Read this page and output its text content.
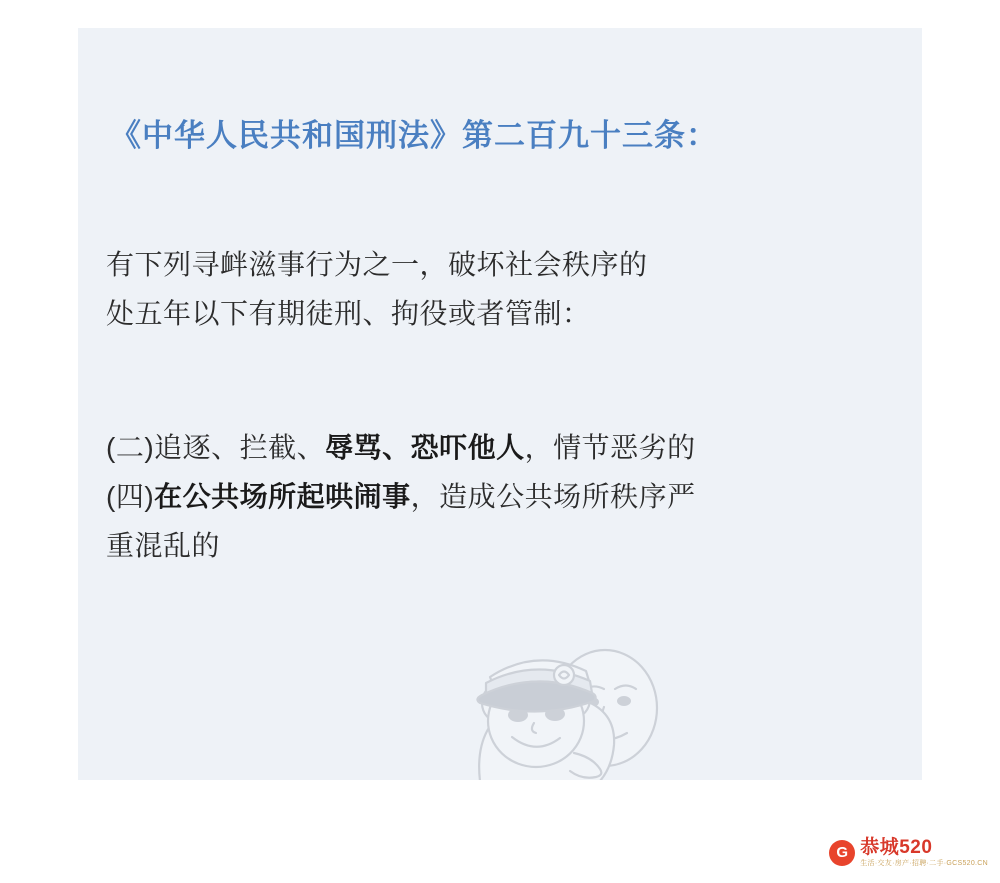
《中华人民共和国刑法》第二百九十三条：
有下列寻衅滋事行为之一，破坏社会秩序的
处五年以下有期徒刑、拘役或者管制：
(二)追逐、拦截、辱骂、恐吓他人，情节恶劣的
(四)在公共场所起哄闹事，造成公共场所秩序严
重混乱的
G 恭城520
生活·交友·房产·招聘·二手·GCS520.CN
